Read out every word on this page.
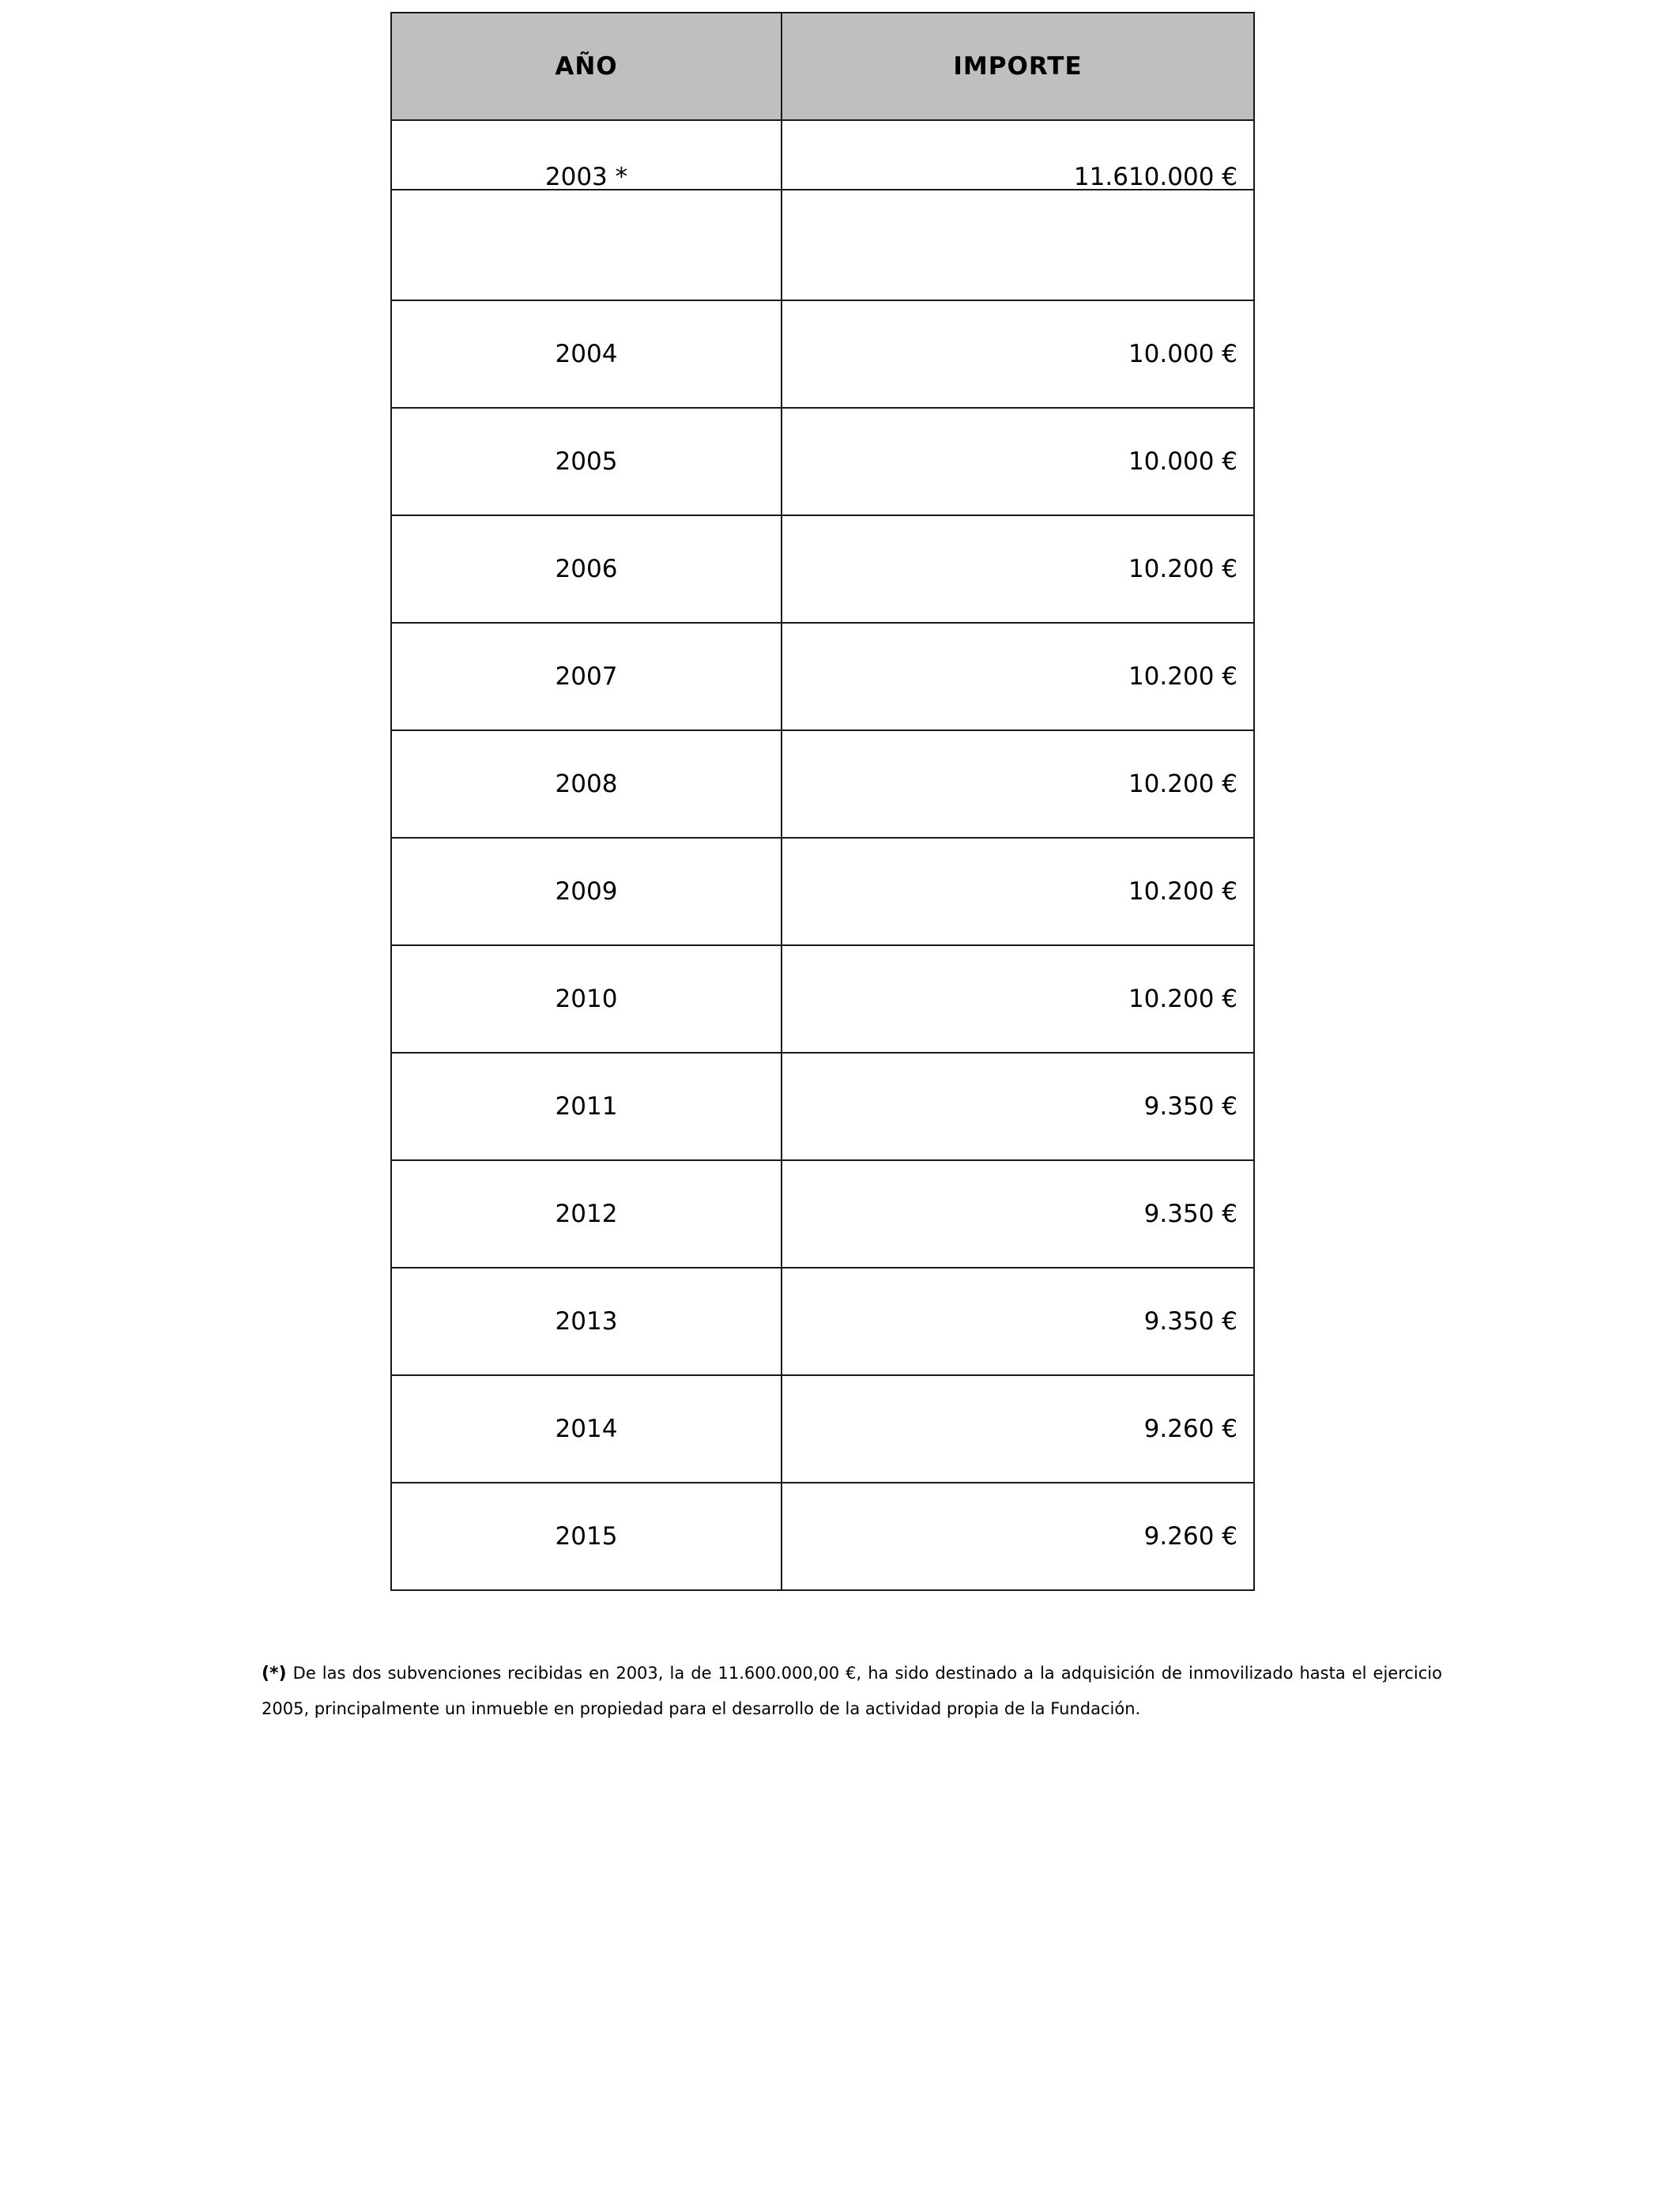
AÑO	IMPORTE
2003 *	11.610.000 €

2004	10.000 €
2005	10.000 €
2006	10.200 €
2007	10.200 €
2008	10.200 €
2009	10.200 €
2010	10.200 €
2011	9.350 €
2012	9.350 €
2013	9.350 €
2014	9.260 €
2015	9.260 €

(*) De las dos subvenciones recibidas en 2003, la de 11.600.000,00 €, ha sido destinado a la adquisición de inmovilizado hasta el ejercicio 2005, principalmente un inmueble en propiedad para el desarrollo de la actividad propia de la Fundación.
